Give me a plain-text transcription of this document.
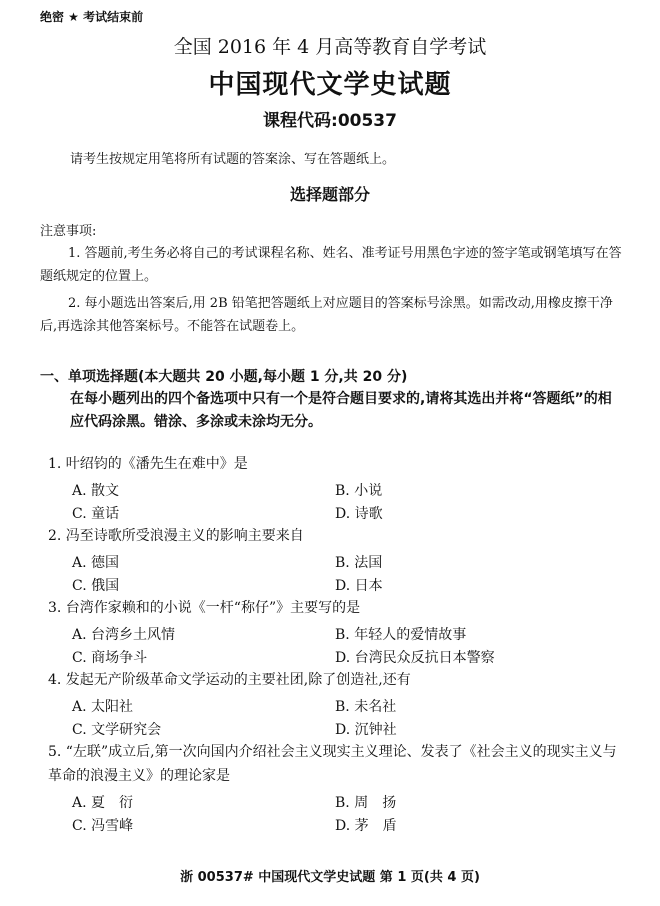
绝密 ★ 考试结束前
全国 2016 年 4 月高等教育自学考试
中国现代文学史试题
课程代码:00537
请考生按规定用笔将所有试题的答案涂、写在答题纸上。
选择题部分
注意事项:
1. 答题前,考生务必将自己的考试课程名称、姓名、准考证号用黑色字迹的签字笔或钢笔填写在答题纸规定的位置上。
2. 每小题选出答案后,用 2B 铅笔把答题纸上对应题目的答案标号涂黑。如需改动,用橡皮擦干净后,再选涂其他答案标号。不能答在试题卷上。
一、单项选择题(本大题共 20 小题,每小题 1 分,共 20 分)
在每小题列出的四个备选项中只有一个是符合题目要求的,请将其选出并将“答题纸”的相应代码涂黑。错涂、多涂或未涂均无分。
1. 叶绍钧的《潘先生在难中》是
A. 散文	B. 小说
C. 童话	D. 诗歌
2. 冯至诗歌所受浪漫主义的影响主要来自
A. 德国	B. 法国
C. 俄国	D. 日本
3. 台湾作家赖和的小说《一杆“称仔”》主要写的是
A. 台湾乡土风情	B. 年轻人的爱情故事
C. 商场争斗	D. 台湾民众反抗日本警察
4. 发起无产阶级革命文学运动的主要社团,除了创造社,还有
A. 太阳社	B. 未名社
C. 文学研究会	D. 沉钟社
5. “左联”成立后,第一次向国内介绍社会主义现实主义理论、发表了《社会主义的现实主义与革命的浪漫主义》的理论家是
A. 夏　衍	B. 周　扬
C. 冯雪峰	D. 茅　盾
浙 00537# 中国现代文学史试题 第 1 页(共 4 页)
